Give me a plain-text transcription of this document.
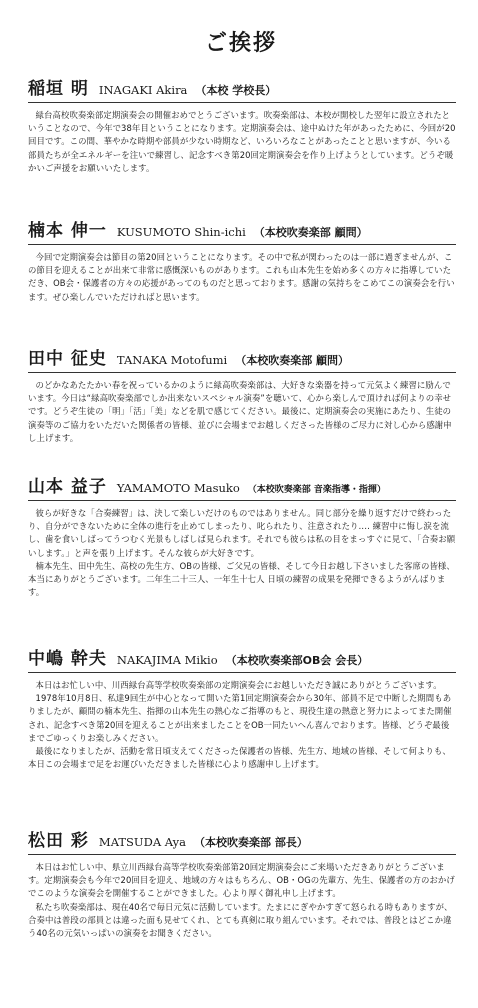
ご挨拶
稲垣 明 INAGAKI Akira （本校 学校長）

緑台高校吹奏楽部定期演奏会の開催おめでとうございます。吹奏楽部は、本校が開校した翌年に設立されたということなので、今年で38年目ということになります。定期演奏会は、途中ぬけた年があったために、今回が20回目です。この間、華やかな時期や部員が少ない時期など、いろいろなことがあったことと思いますが、今いる部員たちが全エネルギーを注いで練習し、記念すべき第20回定期演奏会を作り上げようとしています。どうぞ暖かいご声援をお願いいたします。

楠本 伸一 KUSUMOTO Shin-ichi （本校吹奏楽部 顧問）

今回で定期演奏会は節目の第20回ということになります。その中で私が関わったのは一部に過ぎませんが、この節目を迎えることが出来て非常に感慨深いものがあります。これも山本先生を始め多くの方々に指導していただき、OB会・保護者の方々の応援があってのものだと思っております。感謝の気持ちをこめてこの演奏会を行います。ぜひ楽しんでいただければと思います。

田中 征史 TANAKA Motofumi （本校吹奏楽部 顧問）

のどかなあたたかい春を祝っているかのように緑高吹奏楽部は、大好きな楽器を持って元気よく練習に励んでいます。今日は“緑高吹奏楽部でしか出来ないスペシャル演奏”を聴いて、心から楽しんで頂ければ何よりの幸せです。どうぞ生徒の「明」「活」「美」などを肌で感じてください。最後に、定期演奏会の実施にあたり、生徒の演奏等のご協力をいただいた関係者の皆様、並びに会場までお越しくださった皆様のご尽力に対し心から感謝申し上げます。

山本 益子 YAMAMOTO Masuko （本校吹奏楽部 音楽指導・指揮）

彼らが好きな「合奏練習」は、決して楽しいだけのものではありません。同じ部分を繰り返すだけで終わったり、自分ができないために全体の進行を止めてしまったり、叱られたり、注意されたり‥‥ 練習中に悔し涙を流し、歯を食いしばってうつむく光景もしばしば見られます。それでも彼らは私の目をまっすぐに見て、「合奏お願いします。」と声を張り上げます。そんな彼らが大好きです。

楠本先生、田中先生、高校の先生方、OBの皆様、ご父兄の皆様、そして今日お越し下さいました客席の皆様、本当にありがとうございます。二年生二十三人、一年生十七人 日頃の練習の成果を発揮できるようがんばります。

中嶋 幹夫 NAKAJIMA Mikio （本校吹奏楽部OB会 会長）

本日はお忙しい中、川西緑台高等学校吹奏楽部の定期演奏会にお越しいただき誠にありがとうございます。

1978年10月8日、私達9回生が中心となって開いた第1回定期演奏会から30年、部員不足で中断した期間もありましたが、顧問の楠本先生、指揮の山本先生の熱心なご指導のもと、現役生達の熱意と努力によってまた開催され、記念すべき第20回を迎えることが出来ましたことをOB一同たいへん喜んでおります。皆様、どうぞ最後までごゆっくりお楽しみください。

最後になりましたが、活動を常日頃支えてくださった保護者の皆様、先生方、地域の皆様、そして何よりも、本日この会場まで足をお運びいただきました皆様に心より感謝申し上げます。

松田 彩 MATSUDA Aya （本校吹奏楽部 部長）

本日はお忙しい中、県立川西緑台高等学校吹奏楽部第20回定期演奏会にご来場いただきありがとうございます。定期演奏会も今年で20回目を迎え、地域の方々はもちろん、OB・OGの先輩方、先生、保護者の方のおかげでこのような演奏会を開催することができました。心より厚く御礼申し上げます。

私たち吹奏楽部は、現在40名で毎日元気に活動しています。たまににぎやかすぎて怒られる時もありますが、合奏中は普段の部員とは違った面も見せてくれ、とても真剣に取り組んでいます。それでは、普段とはどこか違う40名の元気いっぱいの演奏をお聞きください。
